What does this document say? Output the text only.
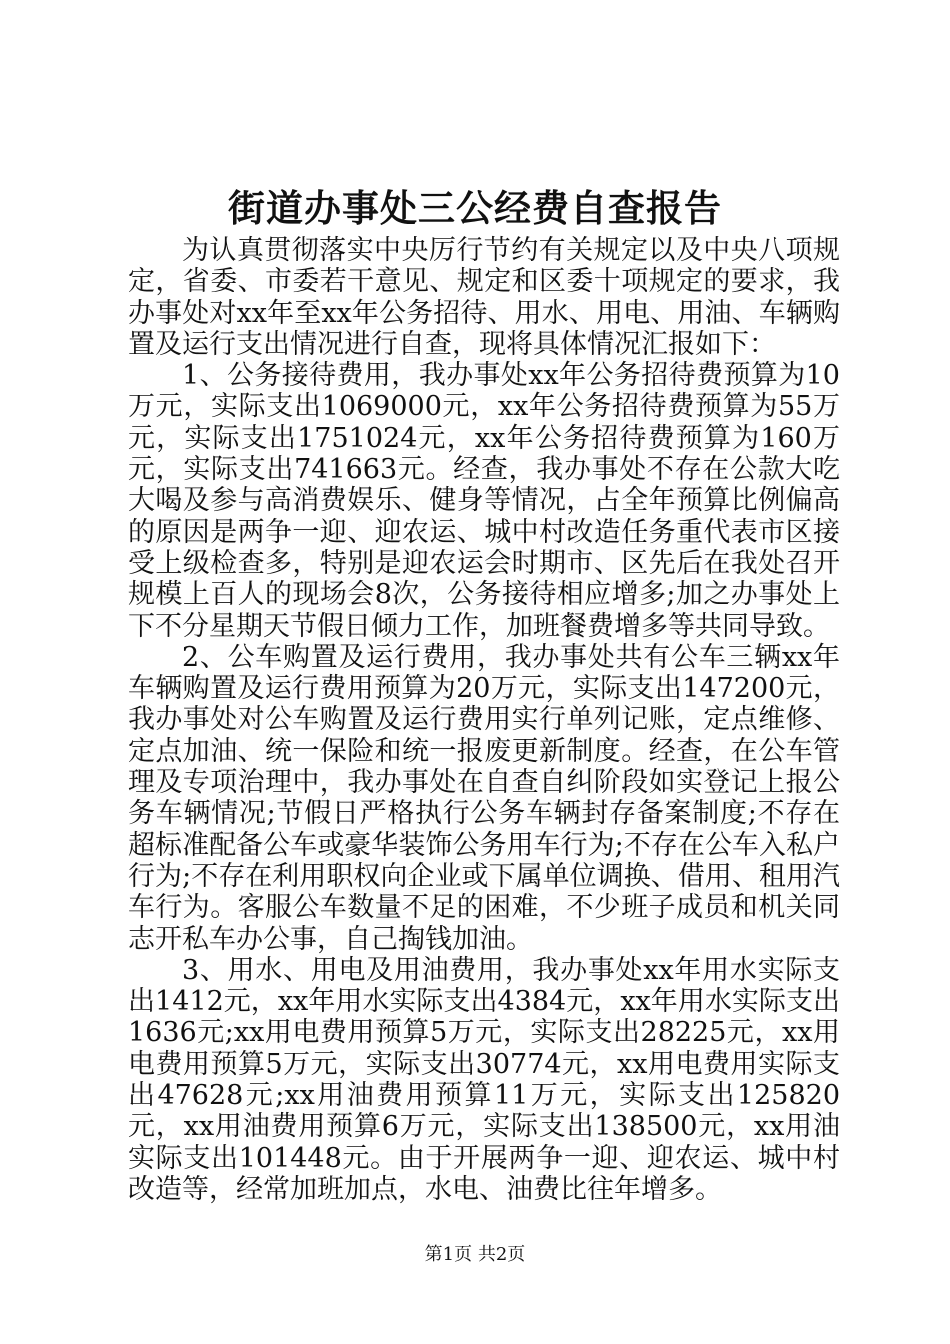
街道办事处三公经费自查报告

为认真贯彻落实中央厉行节约有关规定以及中央八项规定，省委、市委若干意见、规定和区委十项规定的要求，我办事处对xx年至xx年公务招待、用水、用电、用油、车辆购置及运行支出情况进行自查，现将具体情况汇报如下：

1、公务接待费用，我办事处xx年公务招待费预算为10万元，实际支出1069000元，xx年公务招待费预算为55万元，实际支出1751024元，xx年公务招待费预算为160万元，实际支出741663元。经查，我办事处不存在公款大吃大喝及参与高消费娱乐、健身等情况，占全年预算比例偏高的原因是两争一迎、迎农运、城中村改造任务重代表市区接受上级检查多，特别是迎农运会时期市、区先后在我处召开规模上百人的现场会8次，公务接待相应增多;加之办事处上下不分星期天节假日倾力工作，加班餐费增多等共同导致。

2、公车购置及运行费用，我办事处共有公车三辆xx年车辆购置及运行费用预算为20万元，实际支出147200元，我办事处对公车购置及运行费用实行单列记账，定点维修、定点加油、统一保险和统一报废更新制度。经查，在公车管理及专项治理中，我办事处在自查自纠阶段如实登记上报公务车辆情况;节假日严格执行公务车辆封存备案制度;不存在超标准配备公车或豪华装饰公务用车行为;不存在公车入私户行为;不存在利用职权向企业或下属单位调换、借用、租用汽车行为。客服公车数量不足的困难，不少班子成员和机关同志开私车办公事，自己掏钱加油。

3、用水、用电及用油费用，我办事处xx年用水实际支出1412元，xx年用水实际支出4384元，xx年用水实际支出1636元;xx用电费用预算5万元，实际支出28225元，xx用电费用预算5万元，实际支出30774元，xx用电费用实际支出47628元;xx用油费用预算11万元，实际支出125820元，xx用油费用预算6万元，实际支出138500元，xx用油实际支出101448元。由于开展两争一迎、迎农运、城中村改造等，经常加班加点，水电、油费比往年增多。

第1页 共2页
